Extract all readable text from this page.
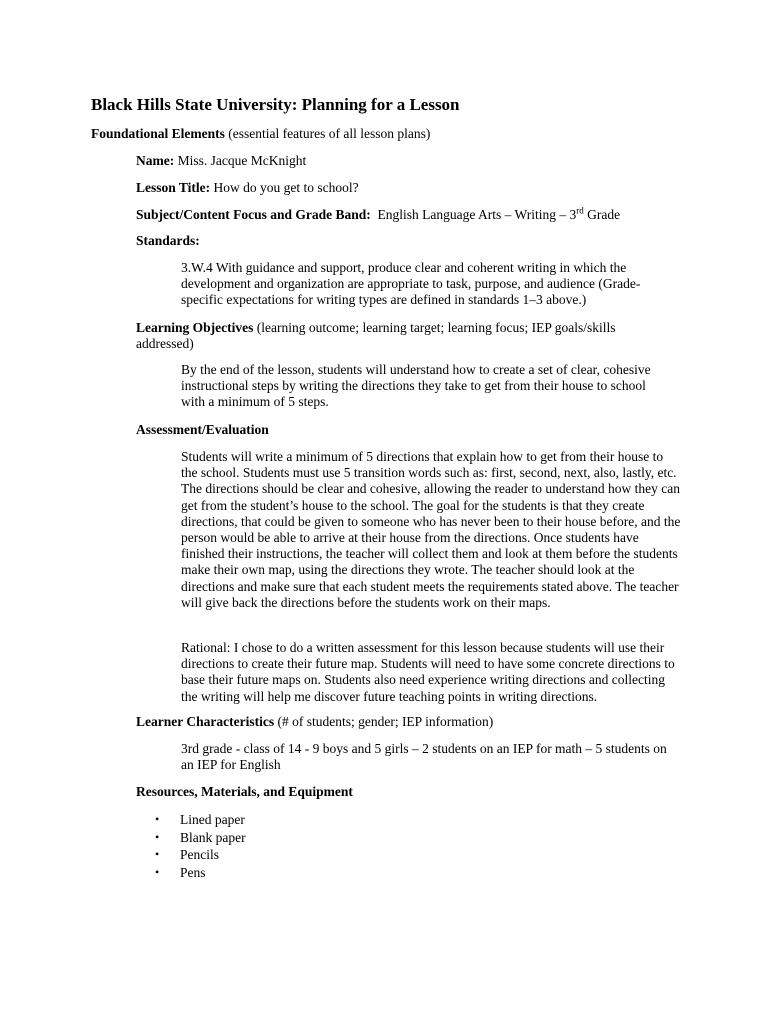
Black Hills State University: Planning for a Lesson
Foundational Elements (essential features of all lesson plans)
Name: Miss. Jacque McKnight
Lesson Title: How do you get to school?
Subject/Content Focus and Grade Band: English Language Arts – Writing – 3rd Grade
Standards:
3.W.4 With guidance and support, produce clear and coherent writing in which the development and organization are appropriate to task, purpose, and audience (Grade-specific expectations for writing types are defined in standards 1–3 above.)
Learning Objectives (learning outcome; learning target; learning focus; IEP goals/skills addressed)
By the end of the lesson, students will understand how to create a set of clear, cohesive instructional steps by writing the directions they take to get from their house to school with a minimum of 5 steps.
Assessment/Evaluation
Students will write a minimum of 5 directions that explain how to get from their house to the school. Students must use 5 transition words such as: first, second, next, also, lastly, etc. The directions should be clear and cohesive, allowing the reader to understand how they can get from the student’s house to the school. The goal for the students is that they create directions, that could be given to someone who has never been to their house before, and the person would be able to arrive at their house from the directions. Once students have finished their instructions, the teacher will collect them and look at them before the students make their own map, using the directions they wrote. The teacher should look at the directions and make sure that each student meets the requirements stated above. The teacher will give back the directions before the students work on their maps.
Rational: I chose to do a written assessment for this lesson because students will use their directions to create their future map. Students will need to have some concrete directions to base their future maps on. Students also need experience writing directions and collecting the writing will help me discover future teaching points in writing directions.
Learner Characteristics (# of students; gender; IEP information)
3rd grade - class of 14 - 9 boys and 5 girls – 2 students on an IEP for math – 5 students on an IEP for English
Resources, Materials, and Equipment
• Lined paper
• Blank paper
• Pencils
• Pens
